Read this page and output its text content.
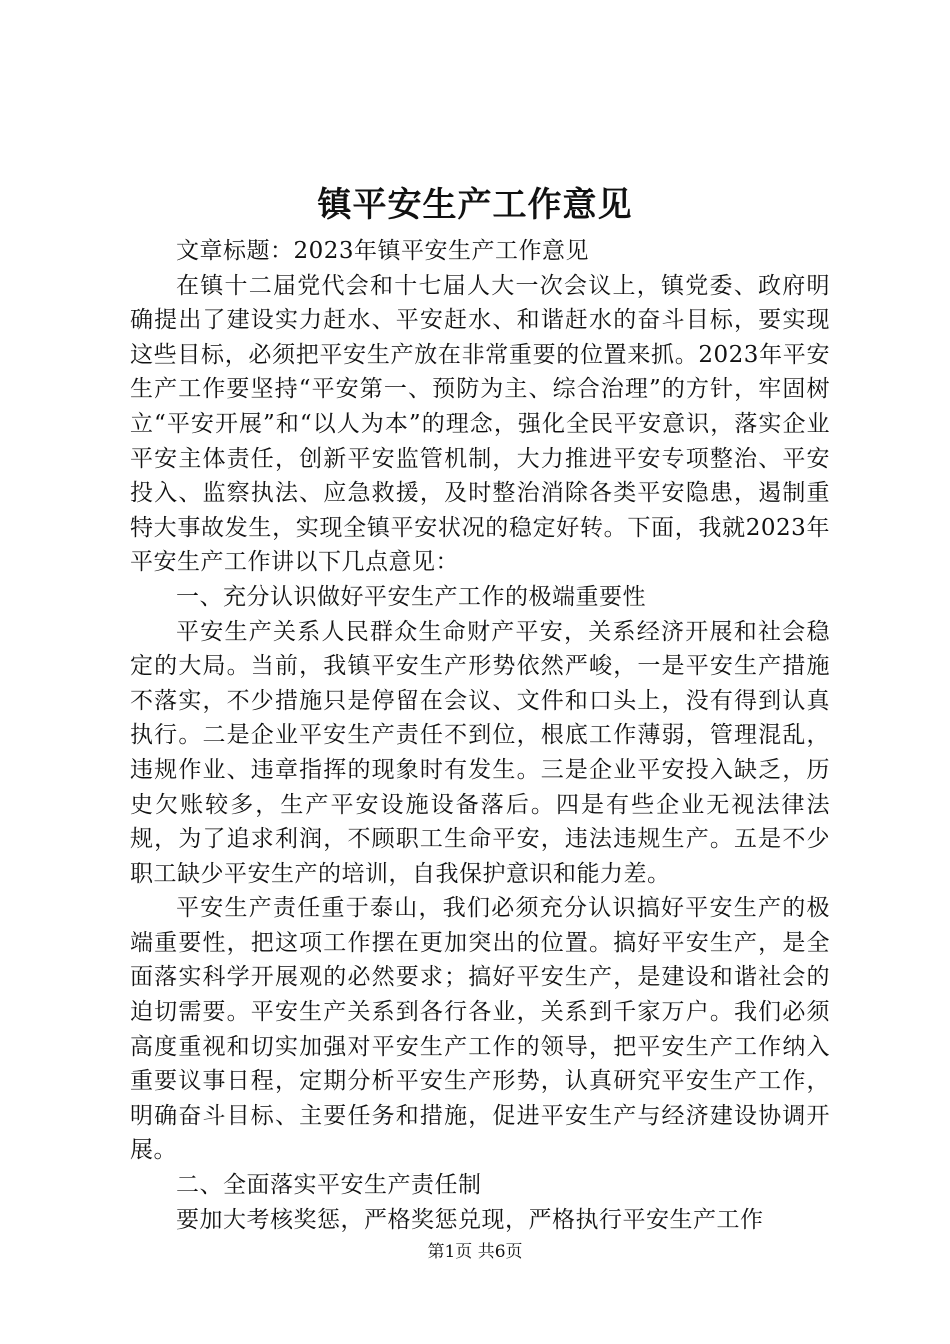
镇平安生产工作意见

文章标题：2023年镇平安生产工作意见

在镇十二届党代会和十七届人大一次会议上，镇党委、政府明确提出了建设实力赶水、平安赶水、和谐赶水的奋斗目标，要实现这些目标，必须把平安生产放在非常重要的位置来抓。2023年平安生产工作要坚持“平安第一、预防为主、综合治理”的方针，牢固树立“平安开展”和“以人为本”的理念，强化全民平安意识，落实企业平安主体责任，创新平安监管机制，大力推进平安专项整治、平安投入、监察执法、应急救援，及时整治消除各类平安隐患，遏制重特大事故发生，实现全镇平安状况的稳定好转。下面，我就2023年平安生产工作讲以下几点意见：

一、充分认识做好平安生产工作的极端重要性

平安生产关系人民群众生命财产平安，关系经济开展和社会稳定的大局。当前，我镇平安生产形势依然严峻，一是平安生产措施不落实，不少措施只是停留在会议、文件和口头上，没有得到认真执行。二是企业平安生产责任不到位，根底工作薄弱，管理混乱，违规作业、违章指挥的现象时有发生。三是企业平安投入缺乏，历史欠账较多，生产平安设施设备落后。四是有些企业无视法律法规，为了追求利润，不顾职工生命平安，违法违规生产。五是不少职工缺少平安生产的培训，自我保护意识和能力差。

平安生产责任重于泰山，我们必须充分认识搞好平安生产的极端重要性，把这项工作摆在更加突出的位置。搞好平安生产，是全面落实科学开展观的必然要求；搞好平安生产，是建设和谐社会的迫切需要。平安生产关系到各行各业，关系到千家万户。我们必须高度重视和切实加强对平安生产工作的领导，把平安生产工作纳入重要议事日程，定期分析平安生产形势，认真研究平安生产工作，明确奋斗目标、主要任务和措施，促进平安生产与经济建设协调开展。

二、全面落实平安生产责任制

要加大考核奖惩，严格奖惩兑现，严格执行平安生产工作

第1页 共6页
